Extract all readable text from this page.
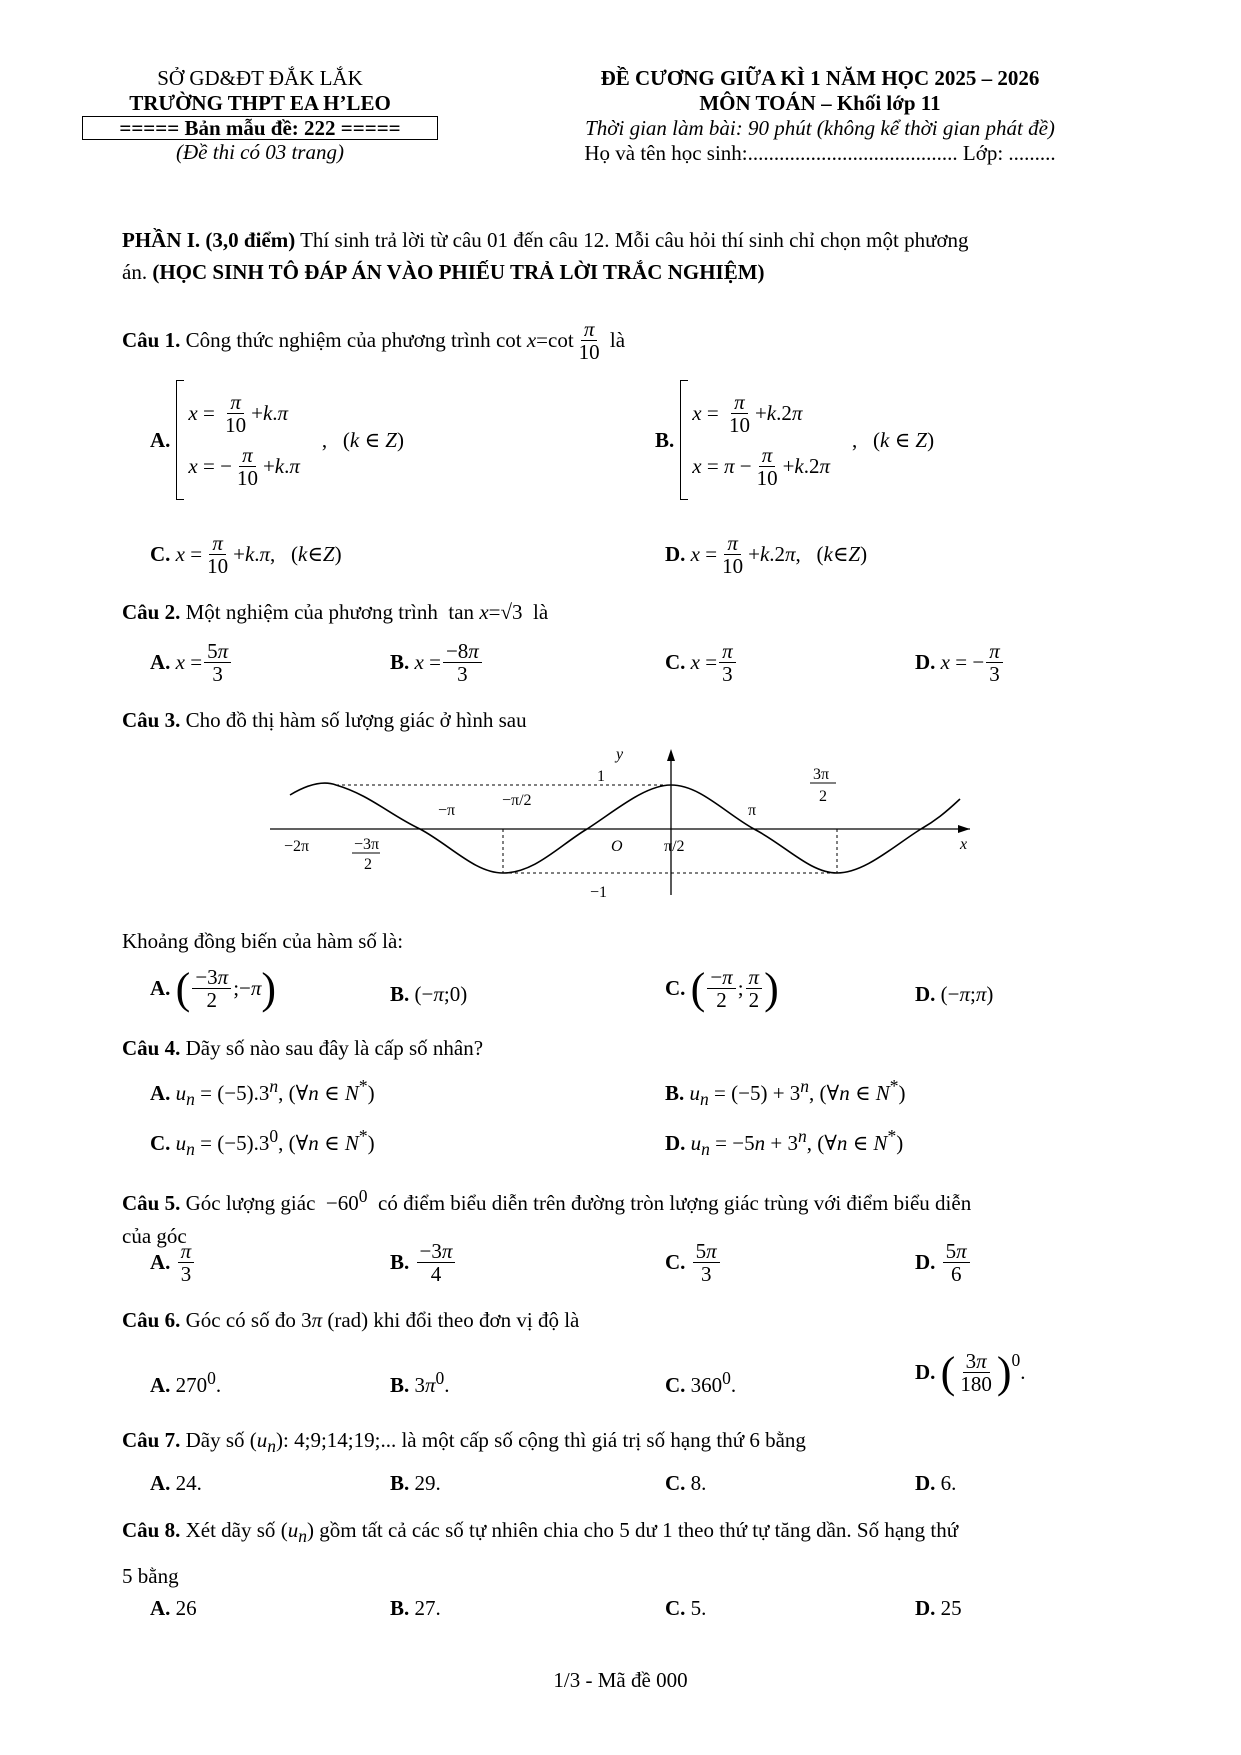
SỞ GD&ĐT ĐẮK LẮK
TRƯỜNG THPT EA H’LEO
===== Bản mẫu đề: 222 =====
(Đề thi có 03 trang)
ĐỀ CƯƠNG GIỮA KÌ 1 NĂM HỌC 2025 – 2026
MÔN TOÁN – Khối lớp 11
Thời gian làm bài: 90 phút (không kể thời gian phát đề)
Họ và tên học sinh:........................................ Lớp: .........
PHẦN I. (3,0 điểm) Thí sinh trả lời từ câu 01 đến câu 12. Mỗi câu hỏi thí sinh chỉ chọn một phương
án. (HỌC SINH TÔ ĐÁP ÁN VÀO PHIẾU TRẢ LỜI TRẮC NGHIỆM)
Câu 1.
Công thức nghiệm của phương trình
$\cot x=\cot \frac{\pi}{10}$
là
A.
$x = \frac{\pi}{10} + k$ . π
x = − $\frac{\pi}{10} + k$ . π
,   (k ∈ Z)	B.
$x = \frac{\pi}{10} + k$ .2 π
$x = \pi - \frac{\pi}{10} + k$ .2 π
,   (k ∈ Z)
C.
$x = \frac{\pi}{10} + k$ . π ,   ( k ∈ Z )	D.
$x = \frac{\pi}{10} + k$ .2 π ,   ( k ∈ Z )
Câu 2. Một nghiệm của phương trình  tan x=√3  là
A.
$x = \frac{5\pi}{3}$	B.
$x = \frac{-8\pi}{3}$	C.
$x = \frac{\pi}{3}$	D.
x = − $\frac{\pi}{3}$
Câu 3. Cho đồ thị hàm số lượng giác ở hình sau
y
x
O
1
−1
−2π
−π
−π/2
π/2
π
−3π
2
3π
2
Khoảng đồng biến của hàm số là:
A.
( $\frac{-3\pi}{2}$ ;− π )	B. (− π ;0)	C.
( $\frac{-\pi}{2}$ ; $\frac{\pi}{2}$ )	D. (− π ; π )
Câu 4. Dãy số nào sau đây là cấp số nhân?
A. $u_n = (-5).3^n$, (∀n ∈ N*)	B. $u_n = (-5) + 3^n$, (∀n ∈ N*)
C. $u_n = (-5).3^0$, (∀n ∈ N*)	D. $u_n = -5n + 3^n$, (∀n ∈ N*)
Câu 5. Góc lượng giác  $-60^0$ có điểm biểu diễn trên đường tròn lượng giác trùng với điểm biểu diễn
của góc
A.
$\frac{\pi}{3}$	B.
$\frac{-3\pi}{4}$	C.
$\frac{5\pi}{3}$	D.
$\frac{5\pi}{6}$
Câu 6. Góc có số đo 3π (rad) khi đổi theo đơn vị độ là
A. $270^0$.	B. $3\pi^0$.	C. $360^0$.
D.
( $\frac{3\pi}{180} )^0$
.
Câu 7. Dãy số $(u_n)$: 4;9;14;19;... là một cấp số cộng thì giá trị số hạng thứ 6 bằng
A. 24.	B. 29.	C. 8.	D. 6.
Câu 8. Xét dãy số $(u_n)$ gồm tất cả các số tự nhiên chia cho 5 dư 1 theo thứ tự tăng dần. Số hạng thứ
5 bằng
A. 26	B. 27.	C. 5.	D. 25
1/3 - Mã đề 000
